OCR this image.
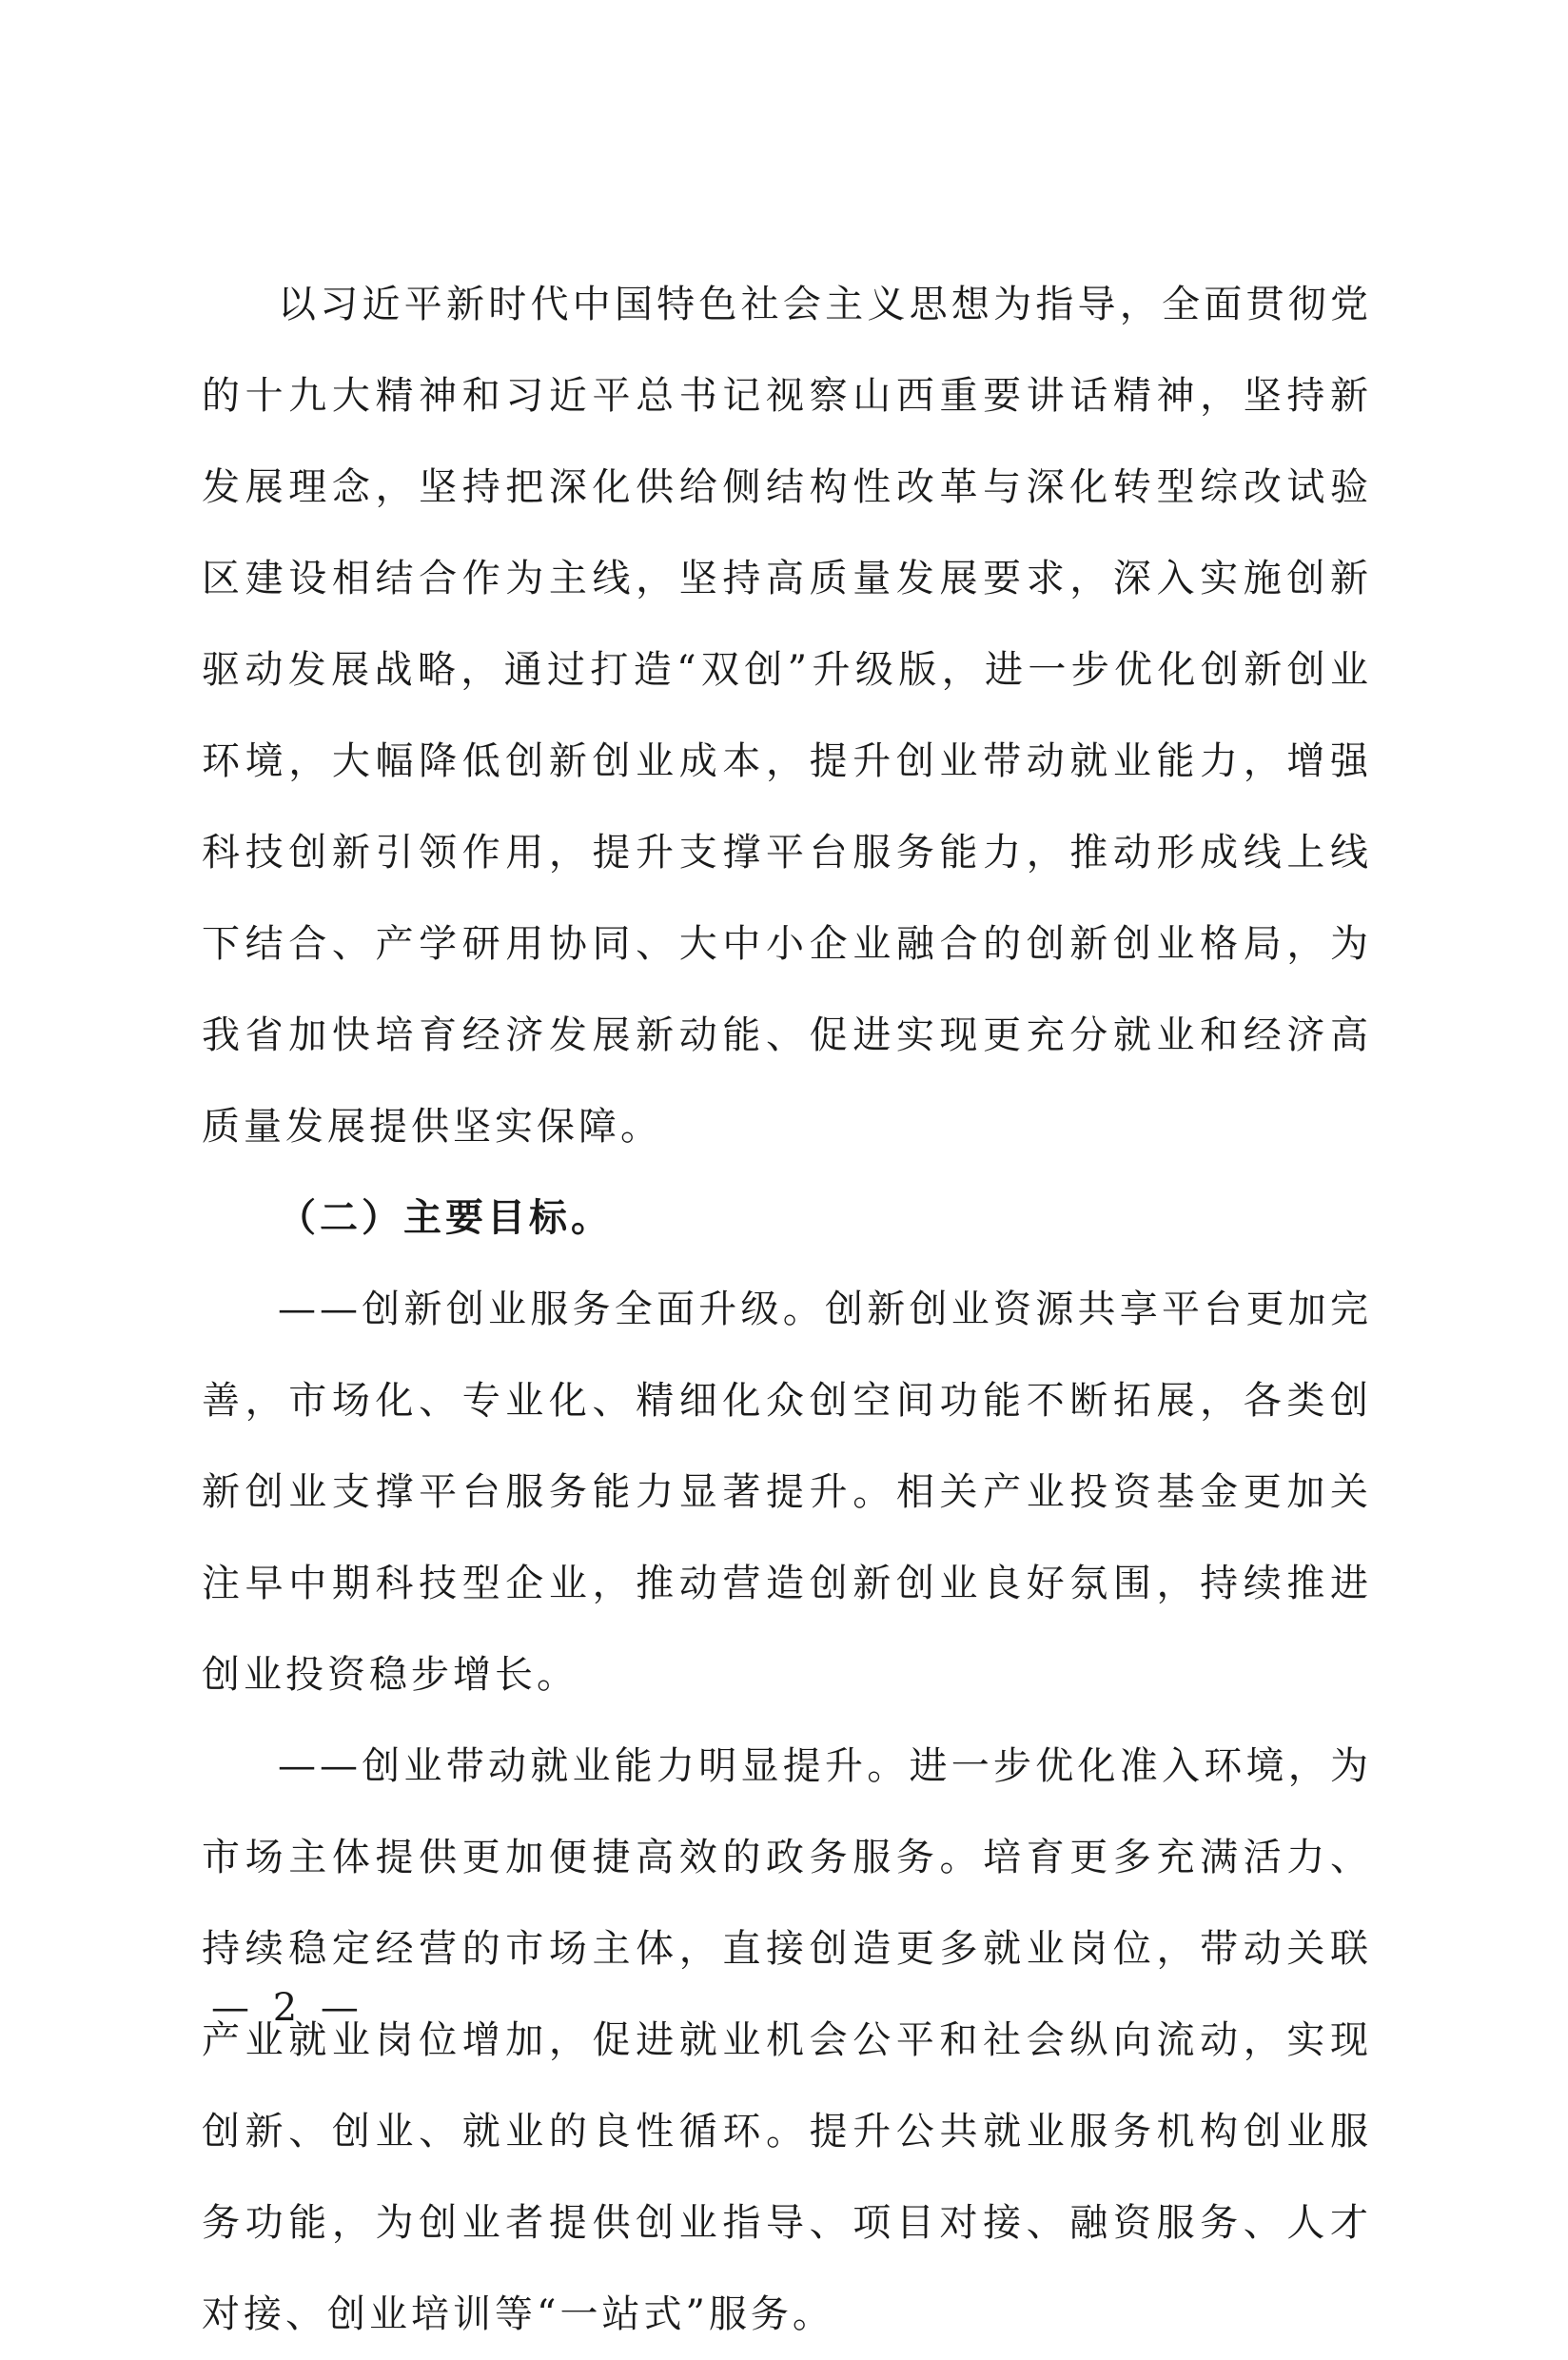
以习近平新时代中国特色社会主义思想为指导，全面贯彻党的十九大精神和习近平总书记视察山西重要讲话精神，坚持新发展理念，坚持把深化供给侧结构性改革与深化转型综改试验区建设相结合作为主线，坚持高质量发展要求，深入实施创新驱动发展战略，通过打造“双创”升级版，进一步优化创新创业环境，大幅降低创新创业成本，提升创业带动就业能力，增强科技创新引领作用，提升支撑平台服务能力，推动形成线上线下结合、产学研用协同、大中小企业融合的创新创业格局，为我省加快培育经济发展新动能、促进实现更充分就业和经济高质量发展提供坚实保障。

（二）主要目标。

——创新创业服务全面升级。创新创业资源共享平台更加完善，市场化、专业化、精细化众创空间功能不断拓展，各类创新创业支撑平台服务能力显著提升。相关产业投资基金更加关注早中期科技型企业，推动营造创新创业良好氛围，持续推进创业投资稳步增长。

——创业带动就业能力明显提升。进一步优化准入环境，为市场主体提供更加便捷高效的政务服务。培育更多充满活力、持续稳定经营的市场主体，直接创造更多就业岗位，带动关联产业就业岗位增加，促进就业机会公平和社会纵向流动，实现创新、创业、就业的良性循环。提升公共就业服务机构创业服务功能，为创业者提供创业指导、项目对接、融资服务、人才对接、创业培训等“一站式”服务。

— 2 —
